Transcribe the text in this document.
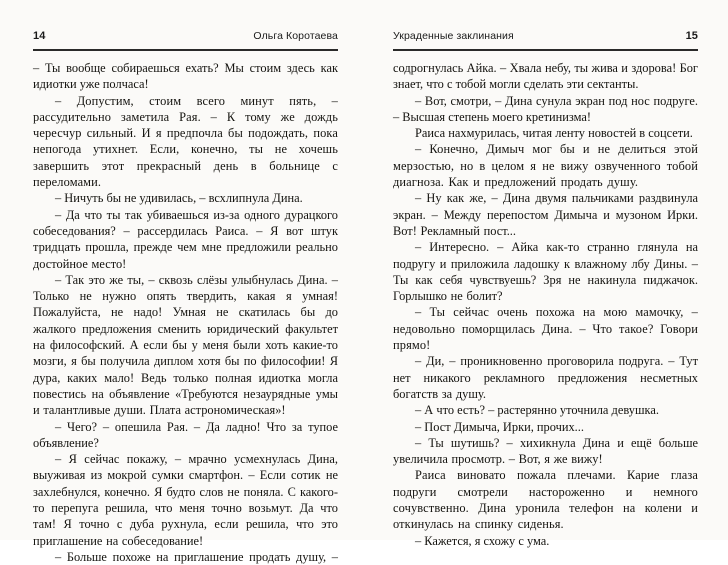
14	Ольга Коротаева

– Ты вообще собираешься ехать? Мы стоим здесь как идиотки уже полчаса!

– Допустим, стоим всего минут пять, – рассудительно заметила Рая. – К тому же дождь чересчур сильный. И я предпочла бы подождать, пока непогода утихнет. Если, конечно, ты не хочешь завершить этот прекрасный день в больнице с переломами.

– Ничуть бы не удивилась, – всхлипнула Дина.

– Да что ты так убиваешься из-за одного дурацкого собеседования? – рассердилась Раиса. – Я вот штук тридцать прошла, прежде чем мне предложили реально достойное место!

– Так это же ты, – сквозь слёзы улыбнулась Дина. – Только не нужно опять твердить, какая я умная! Пожалуйста, не надо! Умная не скатилась бы до жалкого предложения сменить юридический факультет на философский. А если бы у меня были хоть какие-то мозги, я бы получила диплом хотя бы по философии! Я дура, каких мало! Ведь только полная идиотка могла повестись на объявление «Требуются незаурядные умы и талантливые души. Плата астрономическая»!

– Чего? – опешила Рая. – Да ладно! Что за тупое объявление?

– Я сейчас покажу, – мрачно усмехнулась Дина, выуживая из мокрой сумки смартфон. – Если сотик не захлебнулся, конечно. Я будто слов не поняла. С какого-то перепуга решила, что меня точно возьмут. Да что там! Я точно с дуба рухнула, если решила, что это приглашение на собеседование!

– Больше похоже на приглашение продать душу, –

Украденные заклинания	15

содрогнулась Айка. – Хвала небу, ты жива и здорова! Бог знает, что с тобой могли сделать эти сектанты.

– Вот, смотри, – Дина сунула экран под нос подруге. – Высшая степень моего кретинизма!

Раиса нахмурилась, читая ленту новостей в соцсети.

– Конечно, Димыч мог бы и не делиться этой мерзостью, но в целом я не вижу озвученного тобой диагноза. Как и предложений продать душу.

– Ну как же, – Дина двумя пальчиками раздвинула экран. – Между перепостом Димыча и музоном Ирки. Вот! Рекламный пост...

– Интересно. – Айка как-то странно глянула на подругу и приложила ладошку к влажному лбу Дины. – Ты как себя чувствуешь? Зря не накинула пиджачок. Горлышко не болит?

– Ты сейчас очень похожа на мою мамочку, – недовольно поморщилась Дина. – Что такое? Говори прямо!

– Ди, – проникновенно проговорила подруга. – Тут нет никакого рекламного предложения несметных богатств за душу.

– А что есть? – растерянно уточнила девушка.

– Пост Димыча, Ирки, прочих...

– Ты шутишь? – хихикнула Дина и ещё больше увеличила просмотр. – Вот, я же вижу!

Раиса виновато пожала плечами. Карие глаза подруги смотрели настороженно и немного сочувственно. Дина уронила телефон на колени и откинулась на спинку сиденья.

– Кажется, я схожу с ума.
